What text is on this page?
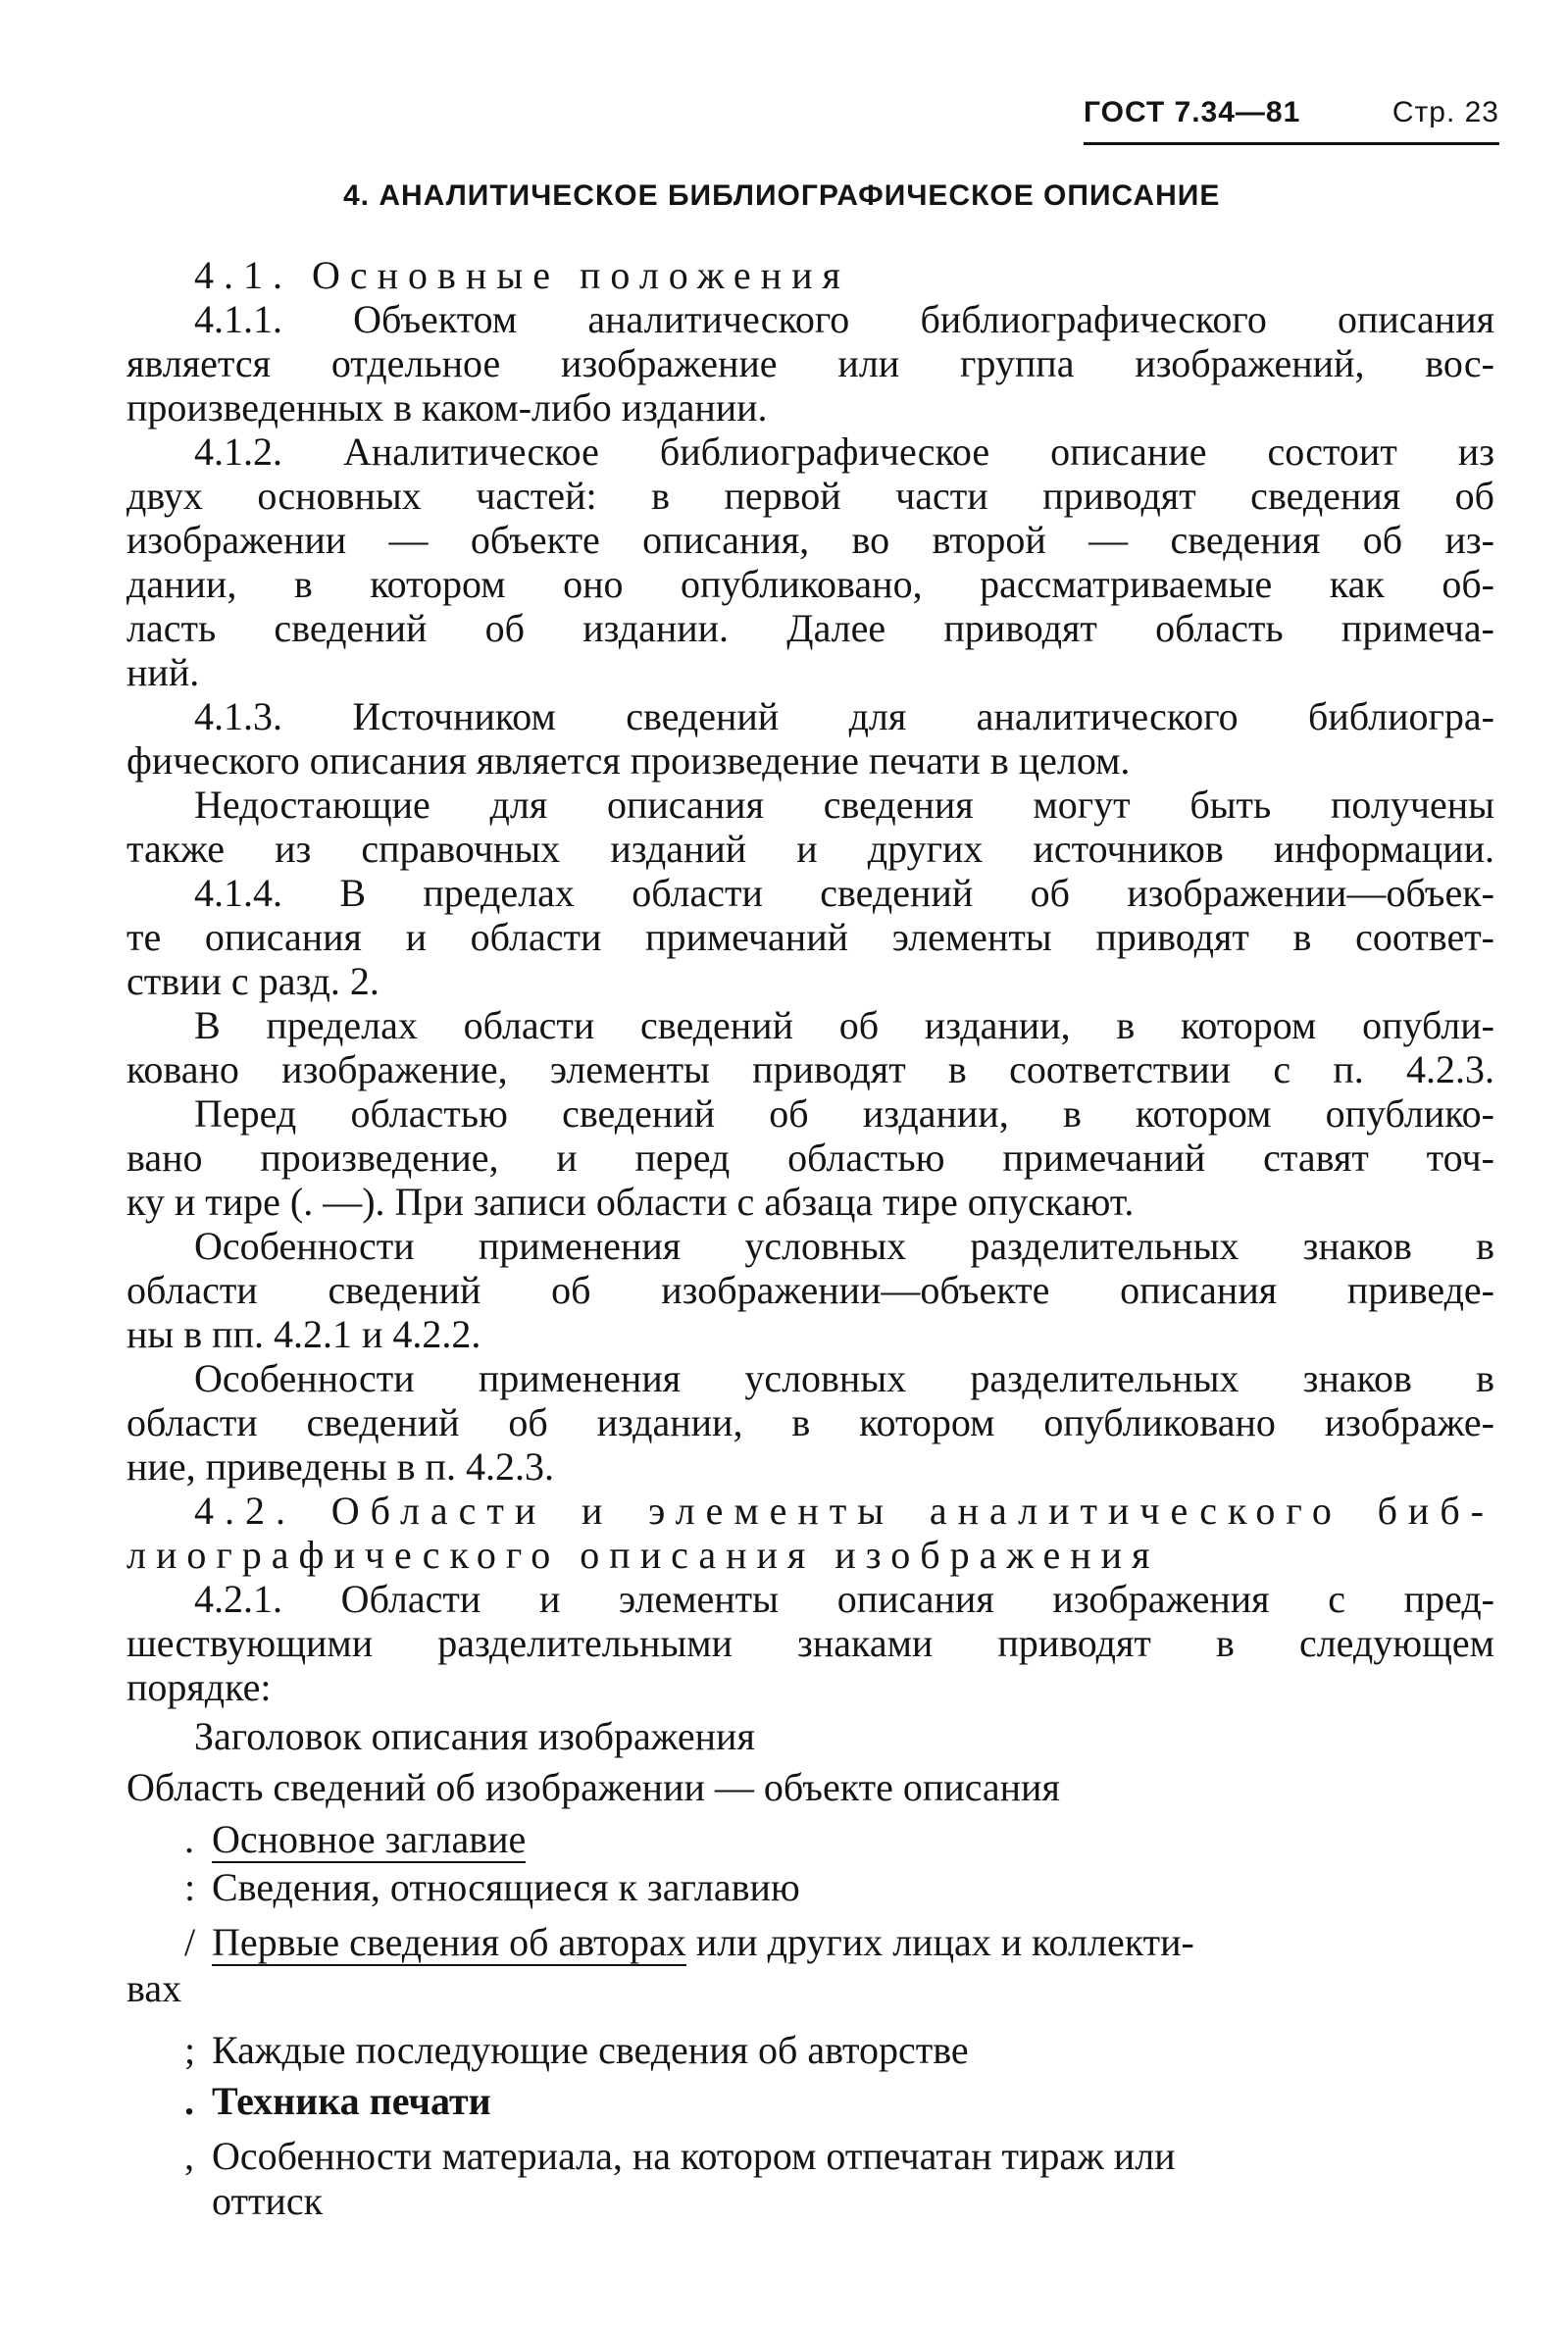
ГОСТ 7.34—81	Стр. 23
4. АНАЛИТИЧЕСКОЕ БИБЛИОГРАФИЧЕСКОЕ ОПИСАНИЕ
4.1. Основные положения
4.1.1. Объектом аналитического библиографического описания
является отдельное изображение или группа изображений, вос-
произведенных в каком-либо издании.
4.1.2. Аналитическое библиографическое описание состоит из
двух основных частей: в первой части приводят сведения об
изображении — объекте описания, во второй — сведения об из-
дании, в котором оно опубликовано, рассматриваемые как об-
ласть сведений об издании. Далее приводят область примеча-
ний.
4.1.3. Источником сведений для аналитического библиогра-
фического описания является произведение печати в целом.
Недостающие для описания сведения могут быть получены
также из справочных изданий и других источников информации.
4.1.4. В пределах области сведений об изображении—объек-
те описания и области примечаний элементы приводят в соответ-
ствии с разд. 2.
В пределах области сведений об издании, в котором опубли-
ковано изображение, элементы приводят в соответствии с п. 4.2.3.
Перед областью сведений об издании, в котором опублико-
вано произведение, и перед областью примечаний ставят точ-
ку и тире (. —). При записи области с абзаца тире опускают.
Особенности применения условных разделительных знаков в
области сведений об изображении—объекте описания приведе-
ны в пп. 4.2.1 и 4.2.2.
Особенности применения условных разделительных знаков в
области сведений об издании, в котором опубликовано изображе-
ние, приведены в п. 4.2.3.
4.2. Области и элементы аналитического биб-
лиографического описания изображения
4.2.1. Области и элементы описания изображения с пред-
шествующими разделительными знаками приводят в следующем
порядке:
Заголовок описания изображения
Область сведений об изображении — объекте описания
. Основное заглавие
: Сведения, относящиеся к заглавию
/ Первые сведения об авторах или других лицах и коллекти-
вах
; Каждые последующие сведения об авторстве
. Техника печати
, Особенности материала, на котором отпечатан тираж или
оттиск
